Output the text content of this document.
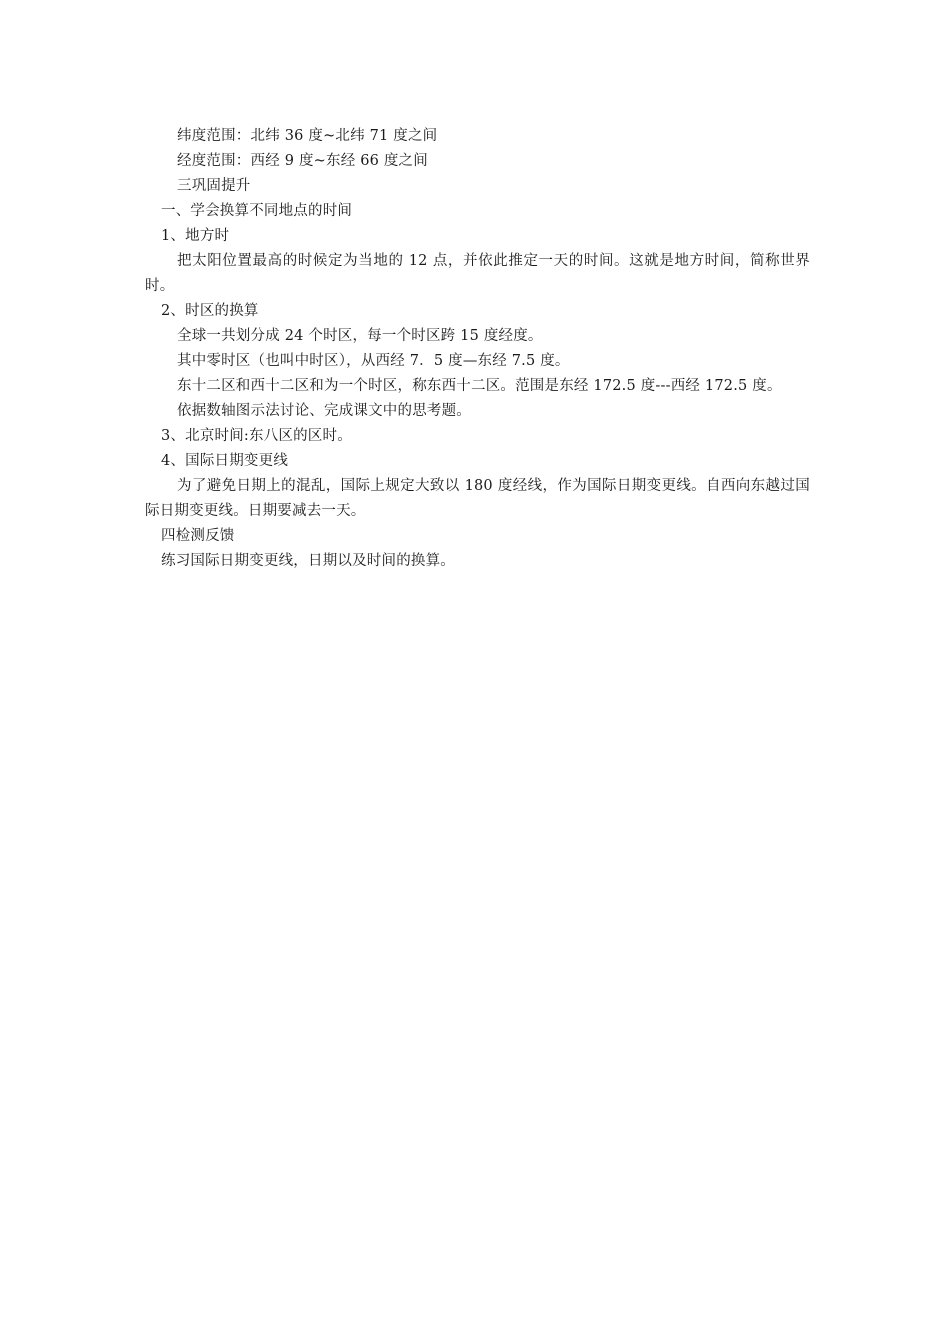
纬度范围：北纬 36 度~北纬 71 度之间
经度范围：西经 9 度~东经 66 度之间
三巩固提升
一、学会换算不同地点的时间
1、地方时
把太阳位置最高的时候定为当地的 12 点，并依此推定一天的时间。这就是地方时间，简称世界时。
2、时区的换算
全球一共划分成 24 个时区，每一个时区跨 15 度经度。
其中零时区（也叫中时区），从西经 7．5 度—东经 7.5 度。
东十二区和西十二区和为一个时区，称东西十二区。范围是东经 172.5 度---西经 172.5 度。
依据数轴图示法讨论、完成课文中的思考题。
3、北京时间:东八区的区时。
4、国际日期变更线
为了避免日期上的混乱，国际上规定大致以 180 度经线，作为国际日期变更线。自西向东越过国际日期变更线。日期要减去一天。
四检测反馈
练习国际日期变更线，日期以及时间的换算。
